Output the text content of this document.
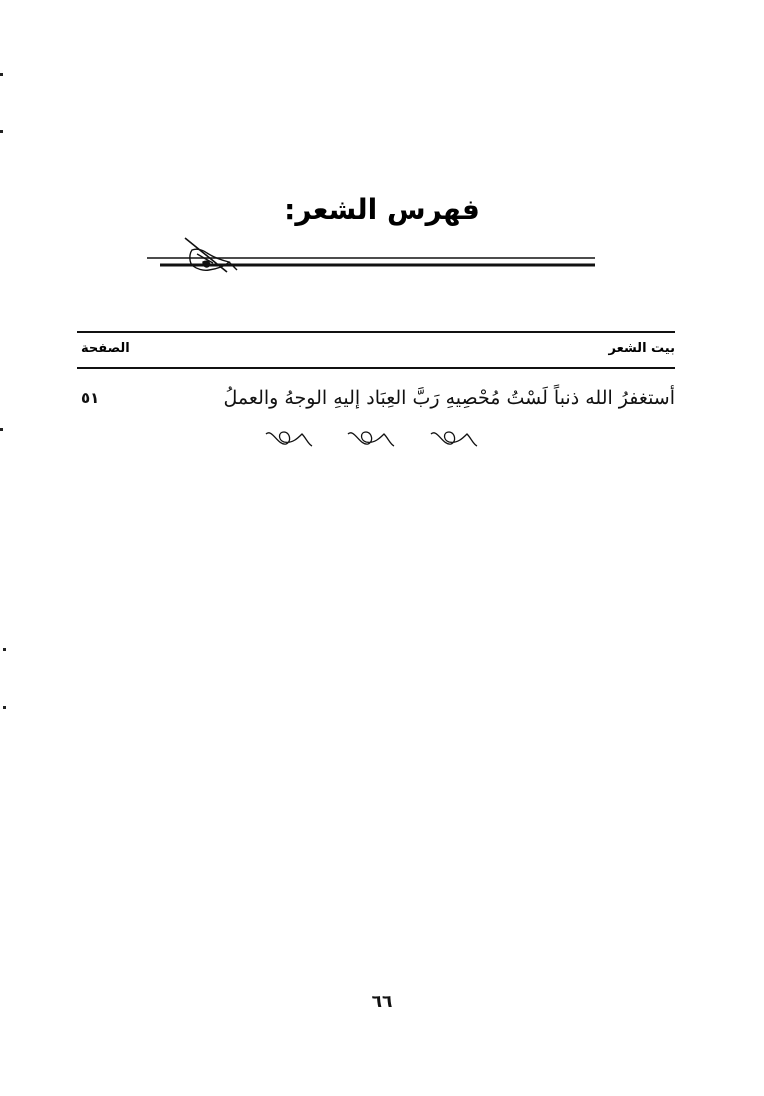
فهرس الشعر:
بيت الشعر
الصفحة
أستغفرُ الله ذنباً لَسْتُ مُحْصِيهِ رَبَّ العِبَاد إليهِ الوجهُ والعملُ
٥١
٦٦
